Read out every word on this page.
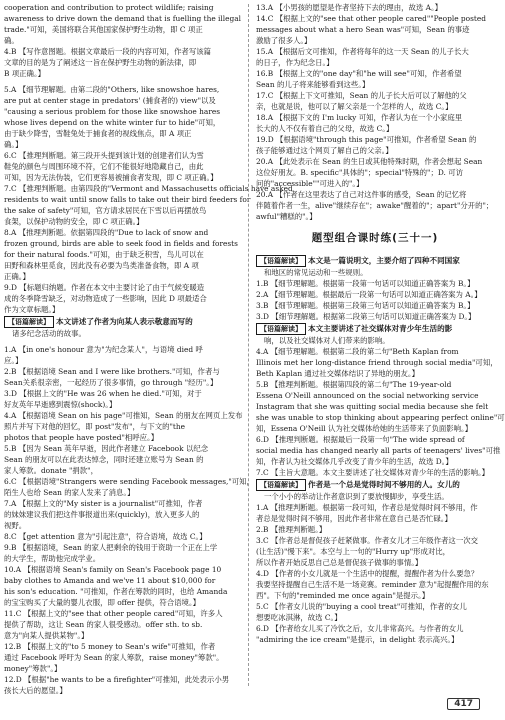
cooperation and contribution to protect wildlife; raising
awareness to drive down the demand that is fuelling the illegal
trade."可知，美国将联合其他国家保护野生动物，即 C 项正
确。
4.B 【写作意图题。根据文章最后一段的内容可知，作者写该篇
文章的目的是为了阐述这一旨在保护野生动物的新法律，即
B 项正确。】
5.A 【细节理解题。由第二段的"Others, like snowshoe hares,
are put at center stage in predators' (捕食者的) view"以及
"causing a serious problem for those like snowshoe hares
whose lives depend on the white winter fur to hide"可知，
由于缺少降雪，雪鞋兔处于捕食者的视线焦点，即 A 项正
确。】
6.C 【推理判断题。第三段开头提到该计划的创建者们认为雪
鞋兔的颜色与周围环境不符，它们不能很好地隐藏自己，由此
可知，因为无法伪装，它们更容易被捕食者发现，即 C 项正确。】
7.C 【推理判断题。由第四段的"Vermont and Massachusetts officials have asked
residents to wait until snow falls to take out their bird feeders for
the sake of safety"可知，官方请求居民在下雪以后再摆放鸟
食架，以保护动物的安全，即 C 项正确。】
8.A 【推理判断题。依据第四段的"Due to lack of snow and
frozen ground, birds are able to seek food in fields and forests
for their natural foods."可知，由于缺乏积雪，鸟儿可以在
田野和森林里觅食，因此没有必要为鸟类准备食物，即 A 项
正确。】
9.D 【标题归纳题。作者在本文中主要讨论了由于气候变暖造
成的冬季降雪缺乏，对动物造成了一些影响，因此 D 项最适合
作为文章标题。】
【语篇解读】 本文讲述了作者为向某人表示敬意而写的
诸多纪念活动的故事。
1.A 【in one's honour 意为"为纪念某人"，与语境 died 呼
应。】
2.B 【根据语境 Sean and I were like brothers."可知，作者与
Sean关系很亲密，一起经历了很多事情，go through "经历"。】
3.D 【根据上文的"He was 26 when he died."可知，对于
好友英年早逝感到震惊(shock)。】
4.A 【根据语境 Sean on his page"可推知，Sean 的朋友在网页上发布
照片并写下对他的回忆，即 post"发布"，与下文的"the
photos that people have posted"相呼应。】
5.B 【因为 Sean 英年早逝，因此作者建立 Facebook 以纪念
Sean 的朋友可以在此表达悼念，同时还建立账号为 Sean 的
家人筹款。donate "捐款"，
6.C 【根据语境"Strangers were sending Facebook messages,"可知，
陌生人也给 Sean 的家人发来了消息。】
7.A 【根据上文的"My sister is a journalist"可推知，作者
的妹妹建议我们把这件事报道出来(quickly)，放入更多人的
视野。
8.C 【get attention 意为"引起注意"，符合语境，故选 C。】
9.B 【根据语境，Sean 的家人把剩余的钱用于资助一个正在上学
的大学生，帮助他完成学业。
10.A 【根据语境 Sean's family on Sean's Facebook page 10
baby clothes to Amanda and we've 11 about $10,000 for
his son's education. "可推知，作者在筹款的同时，也给 Amanda
的宝宝购买了大量的婴儿衣服，即 offer 提供，符合语境。】
11.C 【根据上文的"see that other people cared"可知，许多人
提供了帮助，这让 Sean 的家人很受感动。offer sth. to sb.
意为"向某人提供某物"。】
12.B 【根据上文的"to 5 money to Sean's wife"可推知，作者
通过 Facebook 呼吁为 Sean 的家人筹款，raise money"筹款"。
money"筹款"。】
12.D 【根据"he wants to be a firefighter"可推知，此处表示小男
孩长大后的愿望。】
13.A 【小男孩的愿望是作者坚持下去的理由，故选 A。】
14.C 【根据上文的"see that other people cared""People posted
messages about what a hero Sean was"可知，Sean 的事迹
激励了很多人。】
15.A 【根据后文可推知，作者将每年的这一天 Sean 的儿子长大
的日子，作为纪念日。】
16.B 【根据上文的"one day"和"he will see"可知，作者希望
Sean 的儿子将来能够看到这些。】
17.C 【根据上下文可推知，Sean 的儿子长大后可以了解他的父
亲，也就是说，他可以了解父亲是一个怎样的人，故选 C。】
18.A 【根据下文的 I'm lucky 可知，作者认为在一个小家庭里
长大的人不仅有着自己的父母，故选 C。】
19.D 【根据语境"through this page"可推知，作者希望 Sean 的
孩子能够通过这个网页了解自己的父亲。】
20.A 【此处表示在 Sean 的生日或其他特殊时期，作者会想起 Sean
这位好朋友。B. specific"具体的"；special"特殊的"；D. 可访
问的"accessible""可进入的"。】
20.A 【作者在这里表达了自己对这件事的感受，Sean 的记忆将
伴随着作者一生，alive"继续存在"；awake"醒着的"；apart"分开的"；
awful"糟糕的"。】
题型组合课时练(三十一)
【语篇解读】 本文是一篇说明文，主要介绍了四种不同国家
和地区的常见运动和一些规则。
1.B 【细节理解题。根据第一段第一句话可以知道正确答案为 B。】
2.A 【细节理解题。根据最后一段第一句话可以知道正确答案为 A。】
3.B 【细节理解题。根据第三段第三句话可以知道正确答案为 B。】
3.D 【细节理解题。根据第二段第三句话可以知道正确答案为 D。】
【语篇解读】 本文主要讲述了社交媒体对青少年生活的影
响，以及社交媒体对人们带来的影响。
4.A 【细节理解题。根据第二段的第二句"Beth Kaplan from
Illinois met her long-distance friend through social media"可知，
Beth Kaplan 通过社交媒体结识了异地的朋友。】
5.B 【推理判断题。根据第四段的第二句"The 19-year-old
Essena O'Neill announced on the social networking service
Instagram that she was quitting social media because she felt
she was unable to stop thinking about appearing perfect online"可
知，Essena O'Neill 认为社交媒体给她的生活带来了负面影响。】
6.D 【推理判断题。根据最后一段第一句"The wide spread of
social media has changed nearly all parts of teenagers' lives"可推
知，作者认为社交媒体几乎改变了青少年的生活，故选 D。】
7.C 【主旨大意题。本文主要讲述了社交媒体对青少年的生活的影响。】
【语篇解读】 作者是一个总是觉得时间不够用的人。女儿的
一个小小的举动让作者意识到了要放慢脚步，享受生活。
1.A 【推理判断题。根据第一段可知，作者总是觉得时间不够用，作
者总是觉得时间不够用，因此作者非常在意自己是否忙碌。】
2.B 【推理判断题。】
3.C 【作者总是督促孩子赶紧做事。作者女儿才三年级作者这一次交
(让生活)"慢下来"。本空与上一句的"Hurry up"形成对比，
所以作者开始反思自己总是督促孩子做事的事情。】
4.D 【作者的小女儿就是一个生活中的提醒，提醒作者为什么要急？
我要坚持提醒自己生活不是一场竞赛。reminder 意为"起提醒作用的东
西"。下句的"reminded me once again"是提示。】
5.C 【作者女儿说的"buying a cool treat"可推知，作者的女儿
想要吃冰淇淋，故选 C。】
6.D 【作者给女儿买了冷饮之后，女儿非常高兴。与作者的女儿
"admiring the ice cream"是提示，in delight 表示高兴。】
417
